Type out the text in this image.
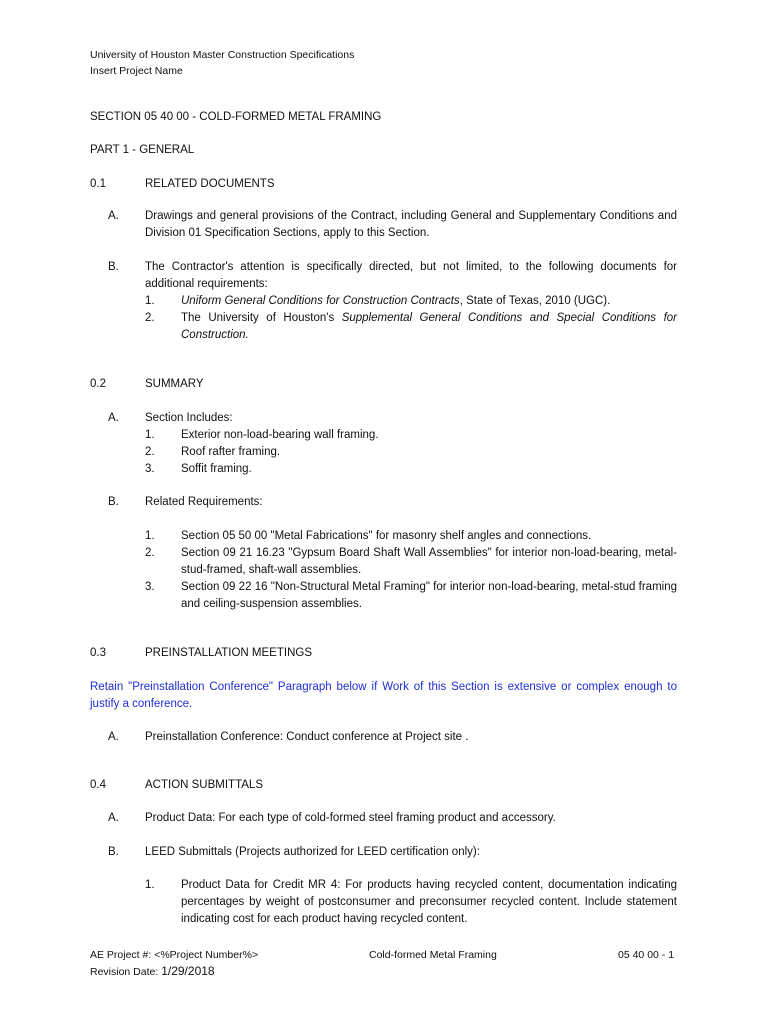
University of Houston Master Construction Specifications
Insert Project Name
SECTION 05 40 00 - COLD-FORMED METAL FRAMING
PART 1 - GENERAL
0.1	RELATED DOCUMENTS
A. Drawings and general provisions of the Contract, including General and Supplementary Conditions and Division 01 Specification Sections, apply to this Section.
B. The Contractor's attention is specifically directed, but not limited, to the following documents for additional requirements:
1. Uniform General Conditions for Construction Contracts, State of Texas, 2010 (UGC).
2. The University of Houston's Supplemental General Conditions and Special Conditions for Construction.
0.2	SUMMARY
A. Section Includes:
1. Exterior non-load-bearing wall framing.
2. Roof rafter framing.
3. Soffit framing.
B. Related Requirements:
1. Section 05 50 00 "Metal Fabrications" for masonry shelf angles and connections.
2. Section 09 21 16.23 "Gypsum Board Shaft Wall Assemblies" for interior non-load-bearing, metal-stud-framed, shaft-wall assemblies.
3. Section 09 22 16 "Non-Structural Metal Framing" for interior non-load-bearing, metal-stud framing and ceiling-suspension assemblies.
0.3	PREINSTALLATION MEETINGS
Retain "Preinstallation Conference" Paragraph below if Work of this Section is extensive or complex enough to justify a conference.
A. Preinstallation Conference: Conduct conference at Project site .
0.4	ACTION SUBMITTALS
A. Product Data: For each type of cold-formed steel framing product and accessory.
B. LEED Submittals (Projects authorized for LEED certification only):
1. Product Data for Credit MR 4: For products having recycled content, documentation indicating percentages by weight of postconsumer and preconsumer recycled content. Include statement indicating cost for each product having recycled content.
AE Project #: <%Project Number%>
Revision Date: 1/29/2018
Cold-formed Metal Framing	05 40 00 - 1
